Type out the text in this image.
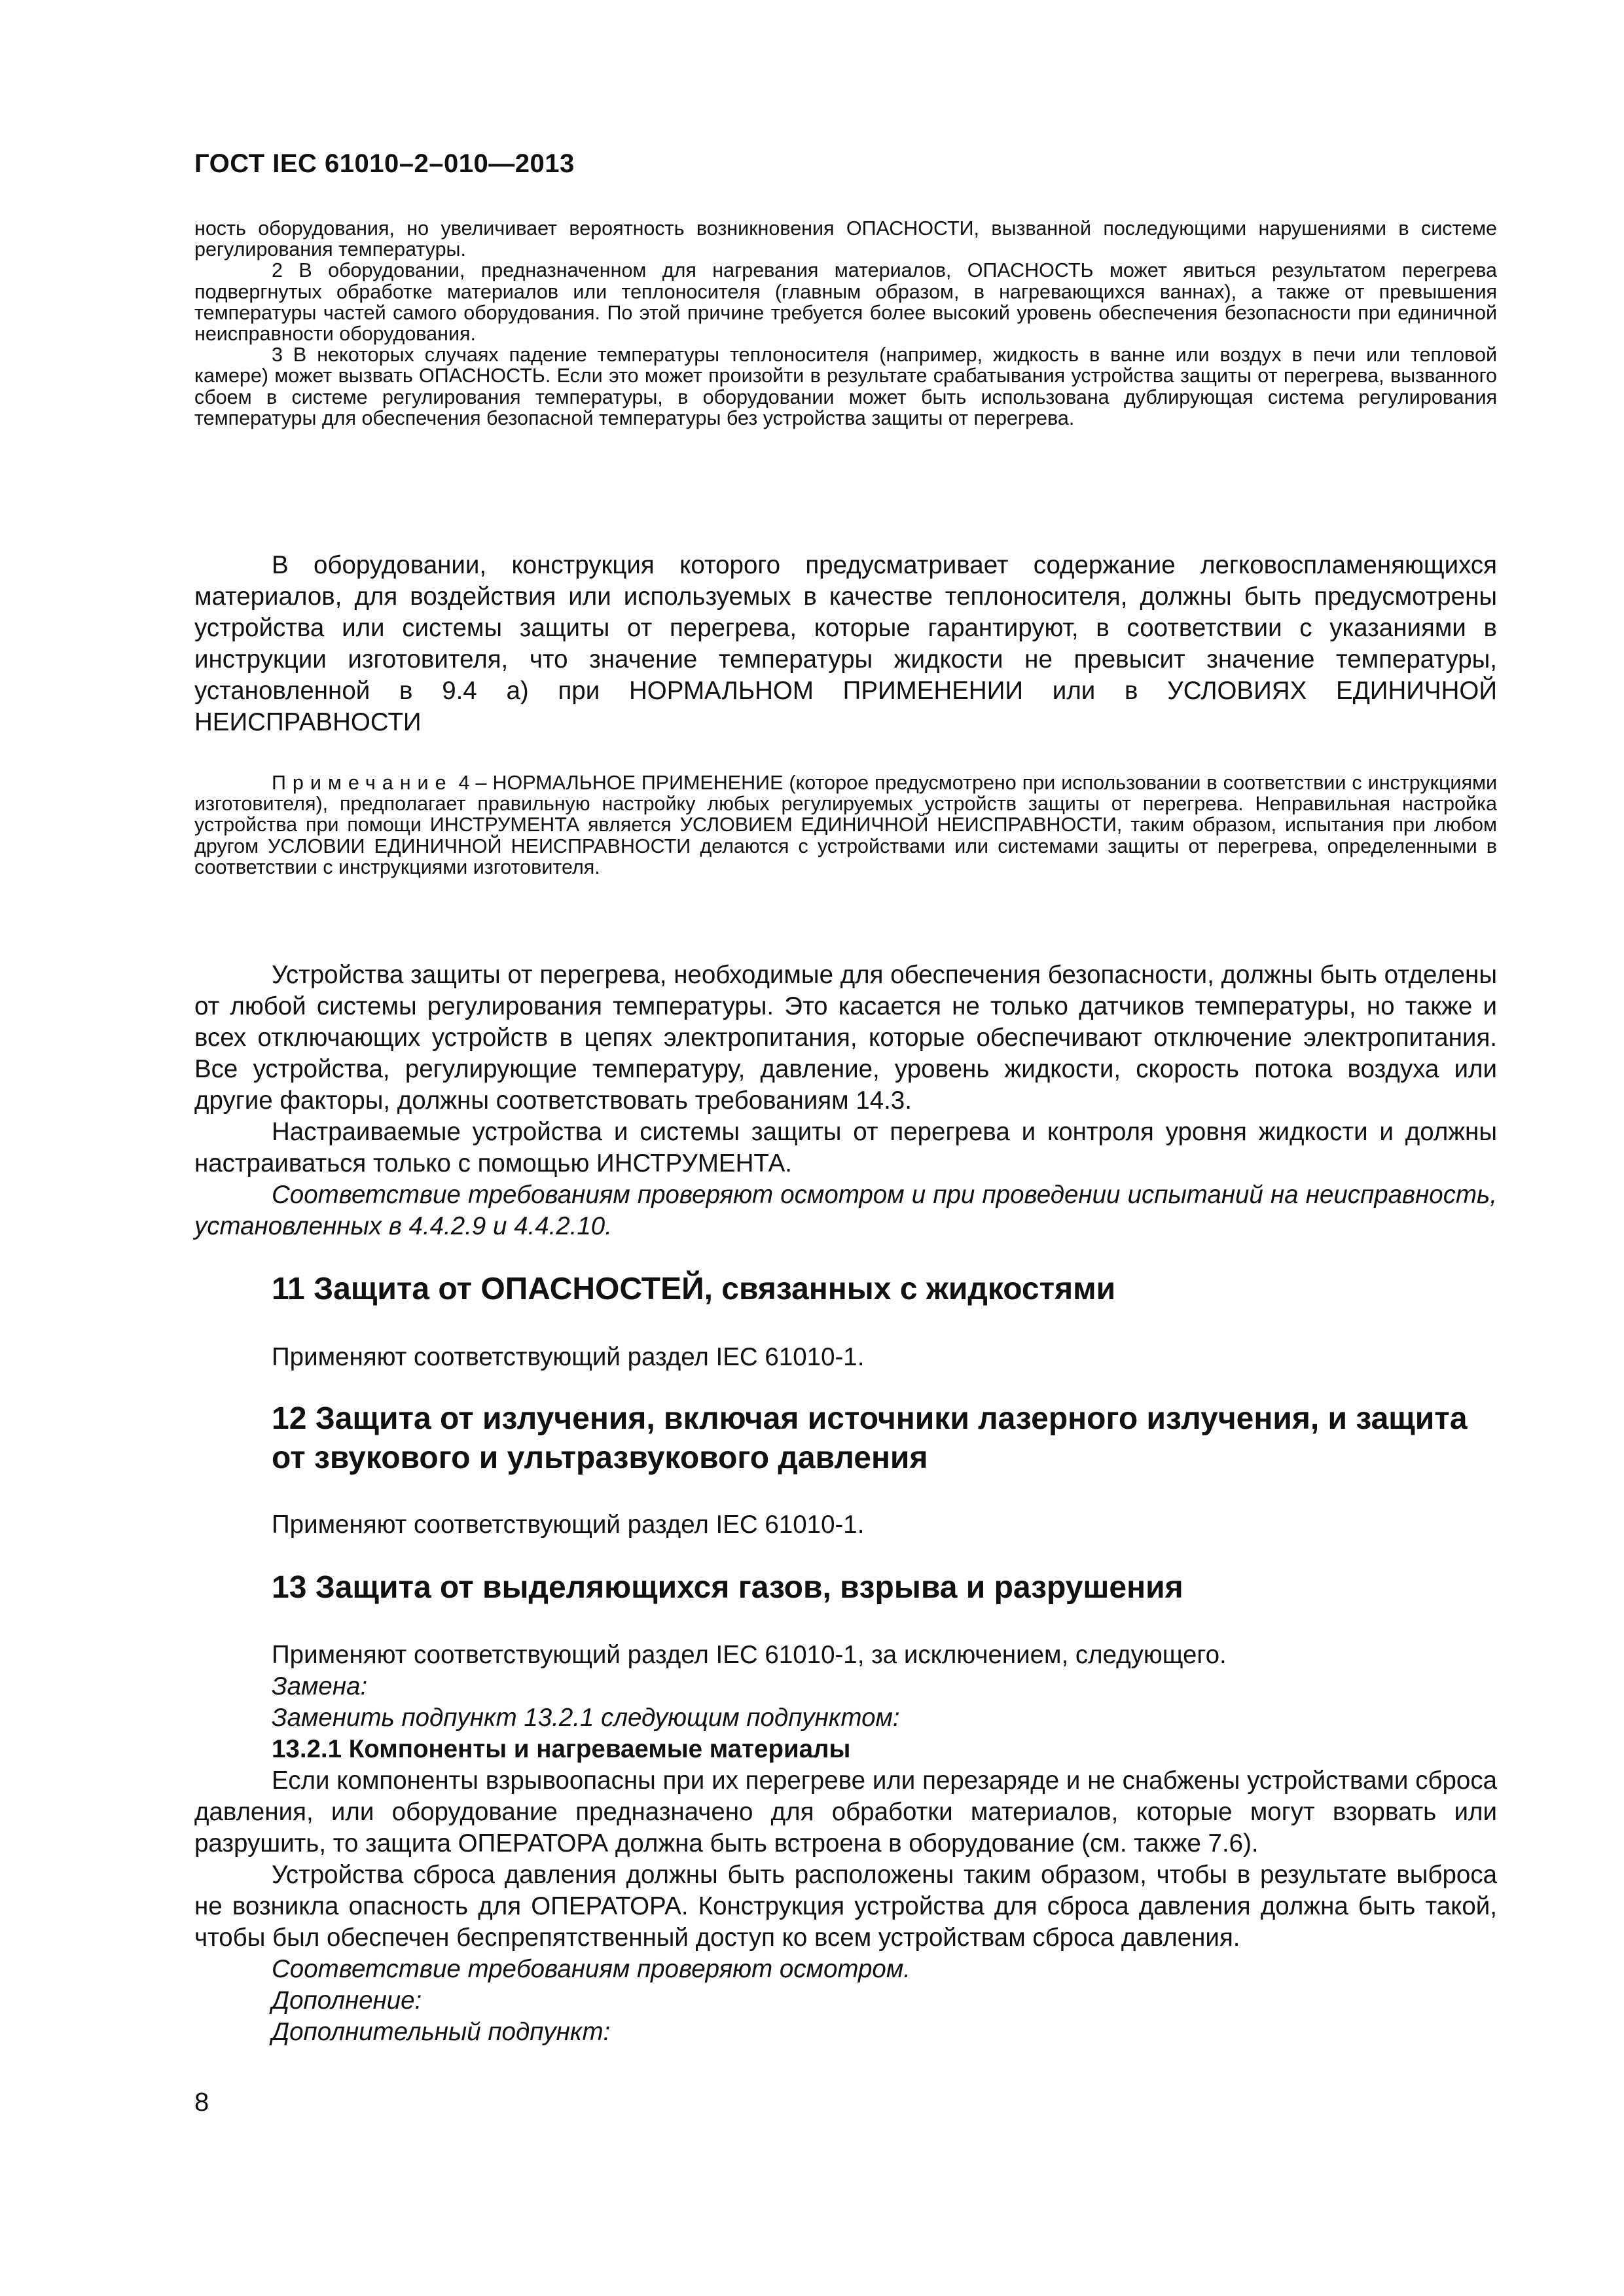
ГОСТ IEC 61010–2–010—2013

ность оборудования, но увеличивает вероятность возникновения ОПАСНОСТИ, вызванной последующими нарушениями в системе регулирования температуры.

2 В оборудовании, предназначенном для нагревания материалов, ОПАСНОСТЬ может явиться результатом перегрева подвергнутых обработке материалов или теплоносителя (главным образом, в нагревающихся ваннах), а также от превышения температуры частей самого оборудования. По этой причине требуется более высокий уровень обеспечения безопасности при единичной неисправности оборудования.

3 В некоторых случаях падение температуры теплоносителя (например, жидкость в ванне или воздух в печи или тепловой камере) может вызвать ОПАСНОСТЬ. Если это может произойти в результате срабатывания устройства защиты от перегрева, вызванного сбоем в системе регулирования температуры, в оборудовании может быть использована дублирующая система регулирования температуры для обеспечения безопасной температуры без устройства защиты от перегрева.

В оборудовании, конструкция которого предусматривает содержание легковоспламеняющихся материалов, для воздействия или используемых в качестве теплоносителя, должны быть предусмотрены устройства или системы защиты от перегрева, которые гарантируют, в соответствии с указаниями в инструкции изготовителя, что значение температуры жидкости не превысит значение температуры, установленной в 9.4 a) при НОРМАЛЬНОМ ПРИМЕНЕНИИ или в УСЛОВИЯХ ЕДИНИЧНОЙ НЕИСПРАВНОСТИ

Примечание 4 – НОРМАЛЬНОЕ ПРИМЕНЕНИЕ (которое предусмотрено при использовании в соответствии с инструкциями изготовителя), предполагает правильную настройку любых регулируемых устройств защиты от перегрева. Неправильная настройка устройства при помощи ИНСТРУМЕНТА является УСЛОВИЕМ ЕДИНИЧНОЙ НЕИСПРАВНОСТИ, таким образом, испытания при любом другом УСЛОВИИ ЕДИНИЧНОЙ НЕИСПРАВНОСТИ делаются с устройствами или системами защиты от перегрева, определенными в соответствии с инструкциями изготовителя.

Устройства защиты от перегрева, необходимые для обеспечения безопасности, должны быть отделены от любой системы регулирования температуры. Это касается не только датчиков температуры, но также и всех отключающих устройств в цепях электропитания, которые обеспечивают отключение электропитания. Все устройства, регулирующие температуру, давление, уровень жидкости, скорость потока воздуха или другие факторы, должны соответствовать требованиям 14.3.

Настраиваемые устройства и системы защиты от перегрева и контроля уровня жидкости и должны настраиваться только с помощью ИНСТРУМЕНТА.

Соответствие требованиям проверяют осмотром и при проведении испытаний на неисправность, установленных в 4.4.2.9 и 4.4.2.10.

11 Защита от ОПАСНОСТЕЙ, связанных с жидкостями

Применяют соответствующий раздел IEC 61010-1.

12 Защита от излучения, включая источники лазерного излучения, и защита от звукового и ультразвукового давления

Применяют соответствующий раздел IEC 61010-1.

13 Защита от выделяющихся газов, взрыва и разрушения

Применяют соответствующий раздел IEC 61010-1, за исключением, следующего.

Замена:

Заменить подпункт 13.2.1 следующим подпунктом:

13.2.1 Компоненты и нагреваемые материалы

Если компоненты взрывоопасны при их перегреве или перезаряде и не снабжены устройствами сброса давления, или оборудование предназначено для обработки материалов, которые могут взорвать или разрушить, то защита ОПЕРАТОРА должна быть встроена в оборудование (см. также 7.6).

Устройства сброса давления должны быть расположены таким образом, чтобы в результате выброса не возникла опасность для ОПЕРАТОРА. Конструкция устройства для сброса давления должна быть такой, чтобы был обеспечен беспрепятственный доступ ко всем устройствам сброса давления.

Соответствие требованиям проверяют осмотром.

Дополнение:

Дополнительный подпункт:

8
